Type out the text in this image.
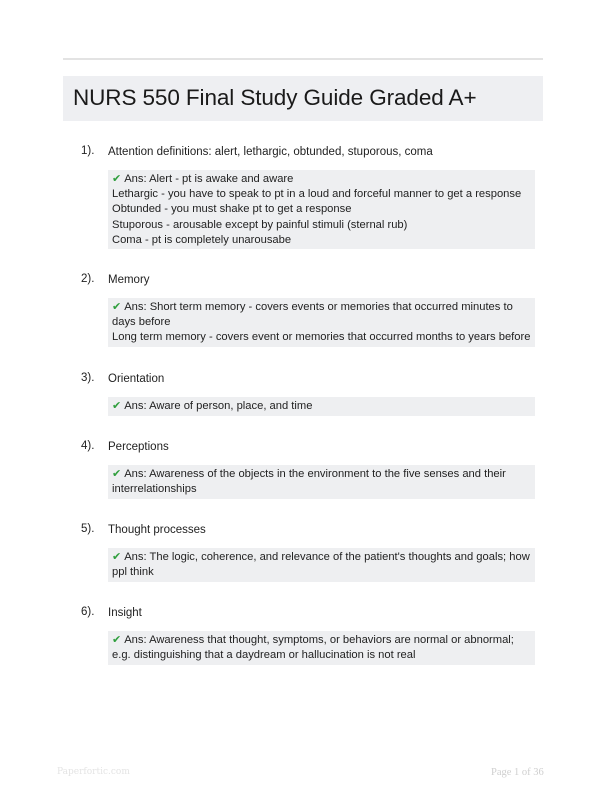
NURS 550 Final Study Guide Graded A+
1). Attention definitions: alert, lethargic, obtunded, stuporous, coma
✔ Ans: Alert - pt is awake and aware
Lethargic - you have to speak to pt in a loud and forceful manner to get a response
Obtunded - you must shake pt to get a response
Stuporous - arousable except by painful stimuli (sternal rub)
Coma - pt is completely unarousabe
2). Memory
✔ Ans: Short term memory - covers events or memories that occurred minutes to days before
Long term memory - covers event or memories that occurred months to years before
3). Orientation
✔ Ans: Aware of person, place, and time
4). Perceptions
✔ Ans: Awareness of the objects in the environment to the five senses and their interrelationships
5). Thought processes
✔ Ans: The logic, coherence, and relevance of the patient's thoughts and goals; how ppl think
6). Insight
✔ Ans: Awareness that thought, symptoms, or behaviors are normal or abnormal; e.g. distinguishing that a daydream or hallucination is not real
Paperfortic.com	Page 1 of 36
